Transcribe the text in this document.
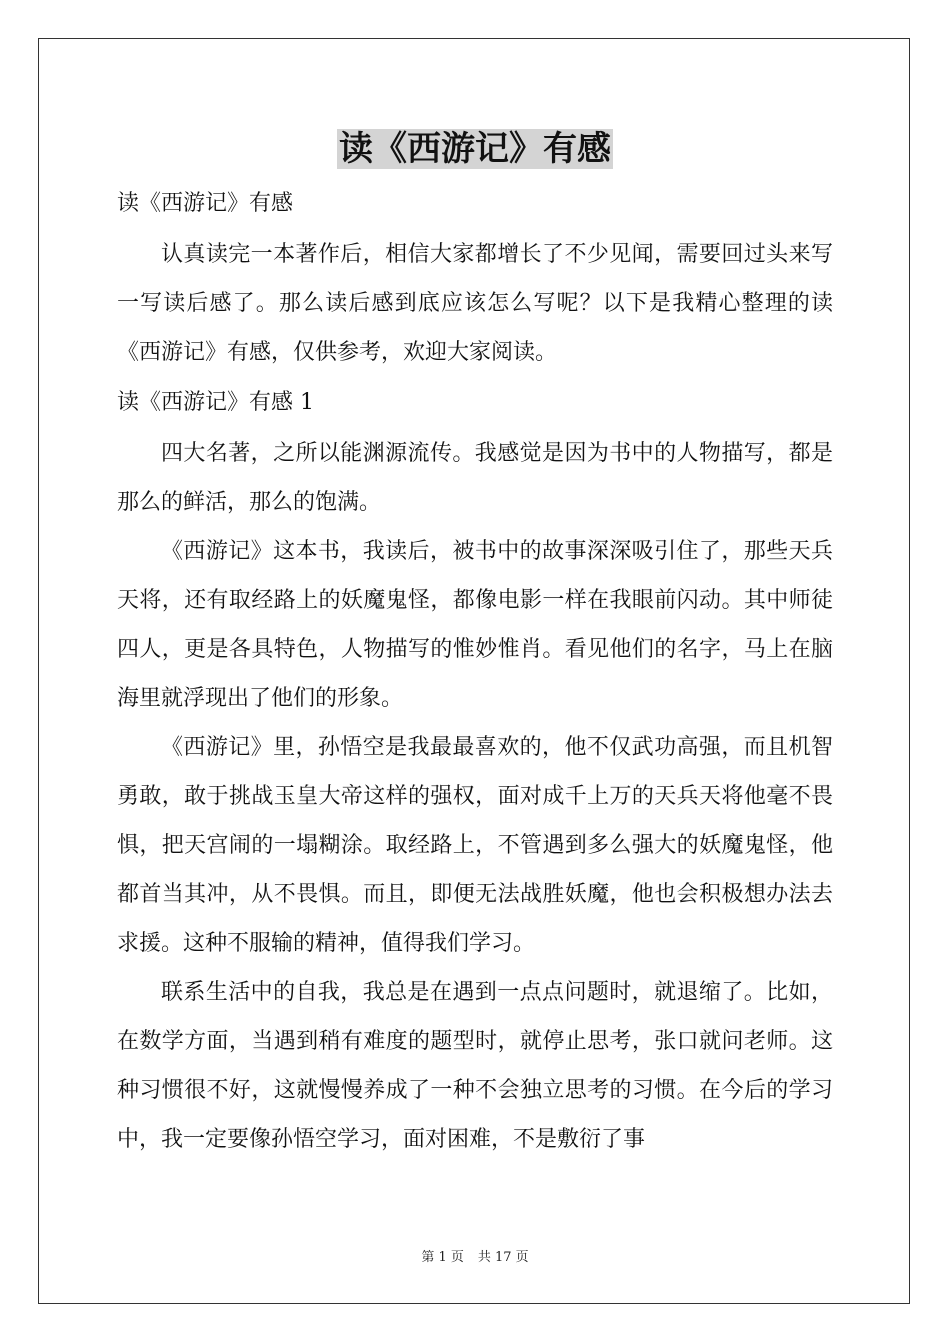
读《西游记》有感

读《西游记》有感

认真读完一本著作后，相信大家都增长了不少见闻，需要回过头来写一写读后感了。那么读后感到底应该怎么写呢？以下是我精心整理的读《西游记》有感，仅供参考，欢迎大家阅读。

读《西游记》有感 1

四大名著，之所以能渊源流传。我感觉是因为书中的人物描写，都是那么的鲜活，那么的饱满。

《西游记》这本书，我读后，被书中的故事深深吸引住了，那些天兵天将，还有取经路上的妖魔鬼怪，都像电影一样在我眼前闪动。其中师徒四人，更是各具特色，人物描写的惟妙惟肖。看见他们的名字，马上在脑海里就浮现出了他们的形象。

《西游记》里，孙悟空是我最最喜欢的，他不仅武功高强，而且机智勇敢，敢于挑战玉皇大帝这样的强权，面对成千上万的天兵天将他毫不畏惧，把天宫闹的一塌糊涂。取经路上，不管遇到多么强大的妖魔鬼怪，他都首当其冲，从不畏惧。而且，即便无法战胜妖魔，他也会积极想办法去求援。这种不服输的精神，值得我们学习。

联系生活中的自我，我总是在遇到一点点问题时，就退缩了。比如，在数学方面，当遇到稍有难度的题型时，就停止思考，张口就问老师。这种习惯很不好，这就慢慢养成了一种不会独立思考的习惯。在今后的学习中，我一定要像孙悟空学习，面对困难，不是敷衍了事

第 1 页 共 17 页
